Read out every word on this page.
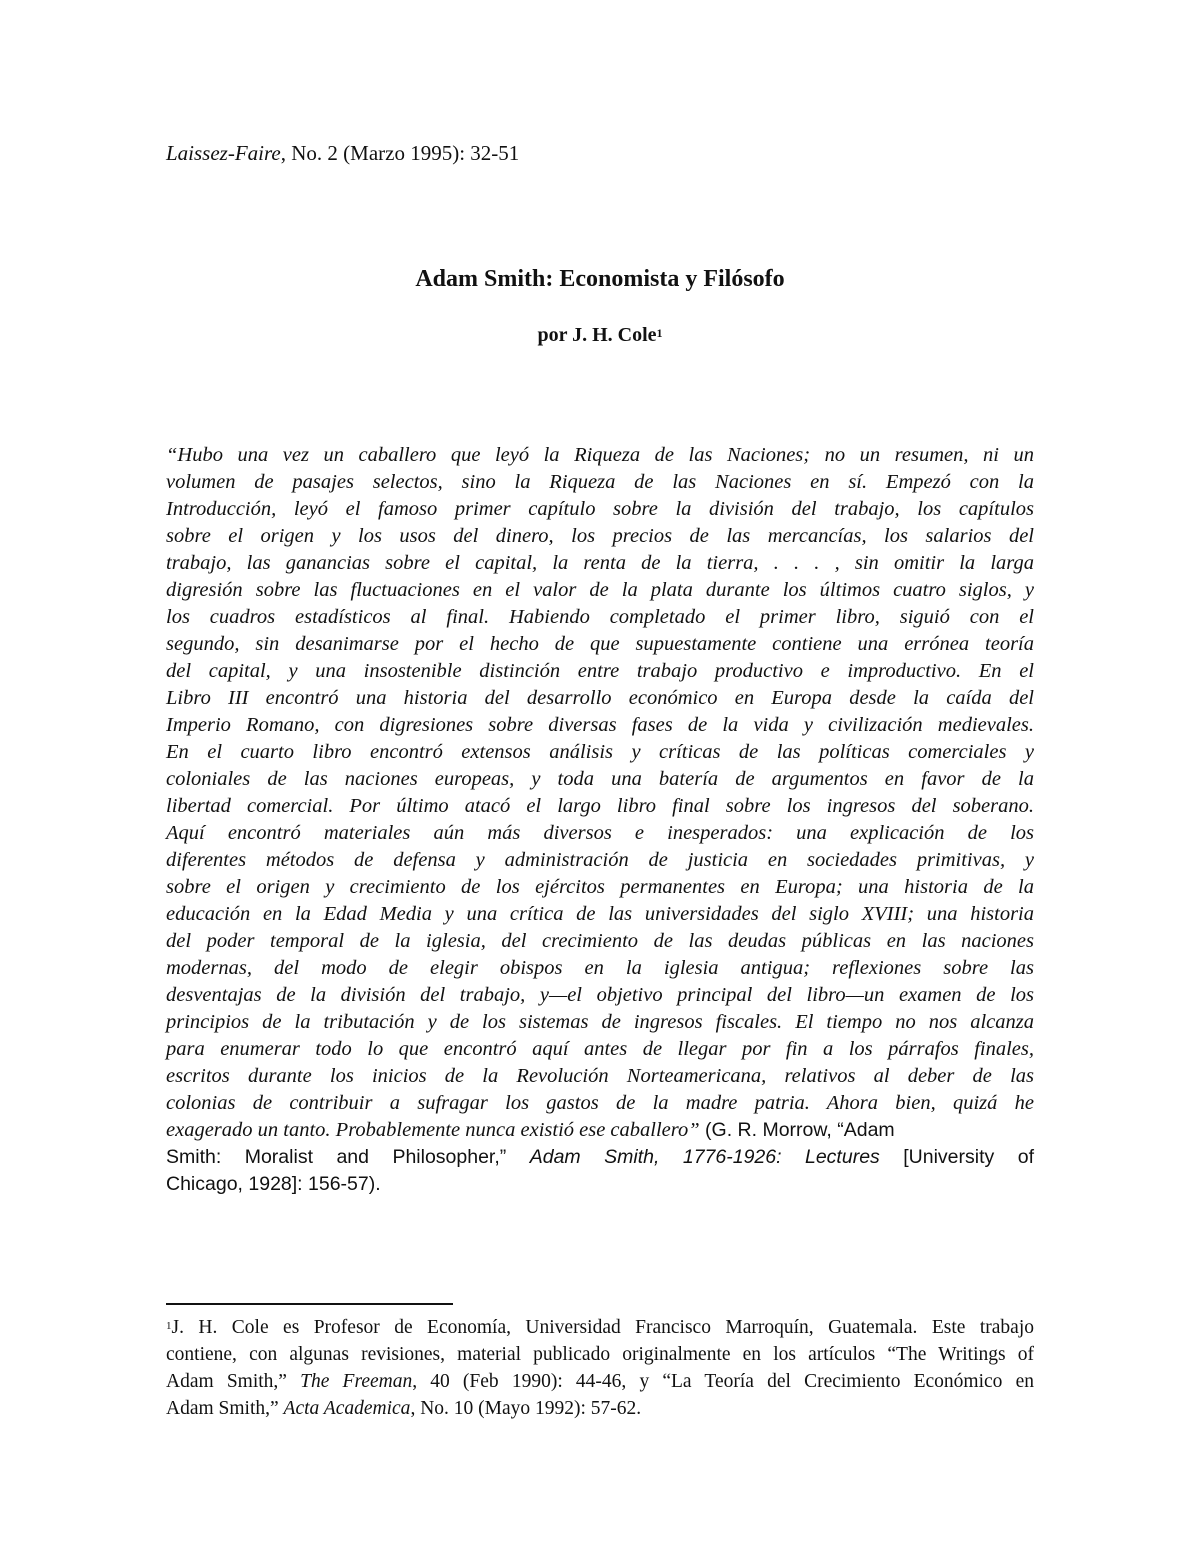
Laissez-Faire, No. 2 (Marzo 1995): 32-51
Adam Smith: Economista y Filósofo
por J. H. Cole$^1$
“Hubo una vez un caballero que leyó la Riqueza de las Naciones; no un resumen, ni un
volumen de pasajes selectos, sino la Riqueza de las Naciones en sí. Empezó con la
Introducción, leyó el famoso primer capítulo sobre la división del trabajo, los capítulos
sobre el origen y los usos del dinero, los precios de las mercancías, los salarios del
trabajo, las ganancias sobre el capital, la renta de la tierra, . . . , sin omitir la larga
digresión sobre las fluctuaciones en el valor de la plata durante los últimos cuatro siglos, y
los cuadros estadísticos al final. Habiendo completado el primer libro, siguió con el
segundo, sin desanimarse por el hecho de que supuestamente contiene una errónea teoría
del capital, y una insostenible distinción entre trabajo productivo e improductivo. En el
Libro III encontró una historia del desarrollo económico en Europa desde la caída del
Imperio Romano, con digresiones sobre diversas fases de la vida y civilización medievales.
En el cuarto libro encontró extensos análisis y críticas de las políticas comerciales y
coloniales de las naciones europeas, y toda una batería de argumentos en favor de la
libertad comercial. Por último atacó el largo libro final sobre los ingresos del soberano.
Aquí encontró materiales aún más diversos e inesperados: una explicación de los
diferentes métodos de defensa y administración de justicia en sociedades primitivas, y
sobre el origen y crecimiento de los ejércitos permanentes en Europa; una historia de la
educación en la Edad Media y una crítica de las universidades del siglo XVIII; una historia
del poder temporal de la iglesia, del crecimiento de las deudas públicas en las naciones
modernas, del modo de elegir obispos en la iglesia antigua; reflexiones sobre las
desventajas de la división del trabajo, y—el objetivo principal del libro—un examen de los
principios de la tributación y de los sistemas de ingresos fiscales. El tiempo no nos alcanza
para enumerar todo lo que encontró aquí antes de llegar por fin a los párrafos finales,
escritos durante los inicios de la Revolución Norteamericana, relativos al deber de las
colonias de contribuir a sufragar los gastos de la madre patria. Ahora bien, quizá he
exagerado un tanto. Probablemente nunca existió ese caballero” (G. R. Morrow, “Adam
Smith: Moralist and Philosopher,” Adam Smith, 1776-1926: Lectures [University of
Chicago, 1928]: 156-57).
$^1$J. H. Cole es Profesor de Economía, Universidad Francisco Marroquín, Guatemala. Este trabajo
contiene, con algunas revisiones, material publicado originalmente en los artículos “The Writings of
Adam Smith,” The Freeman, 40 (Feb 1990): 44-46, y “La Teoría del Crecimiento Económico en
Adam Smith,” Acta Academica, No. 10 (Mayo 1992): 57-62.
